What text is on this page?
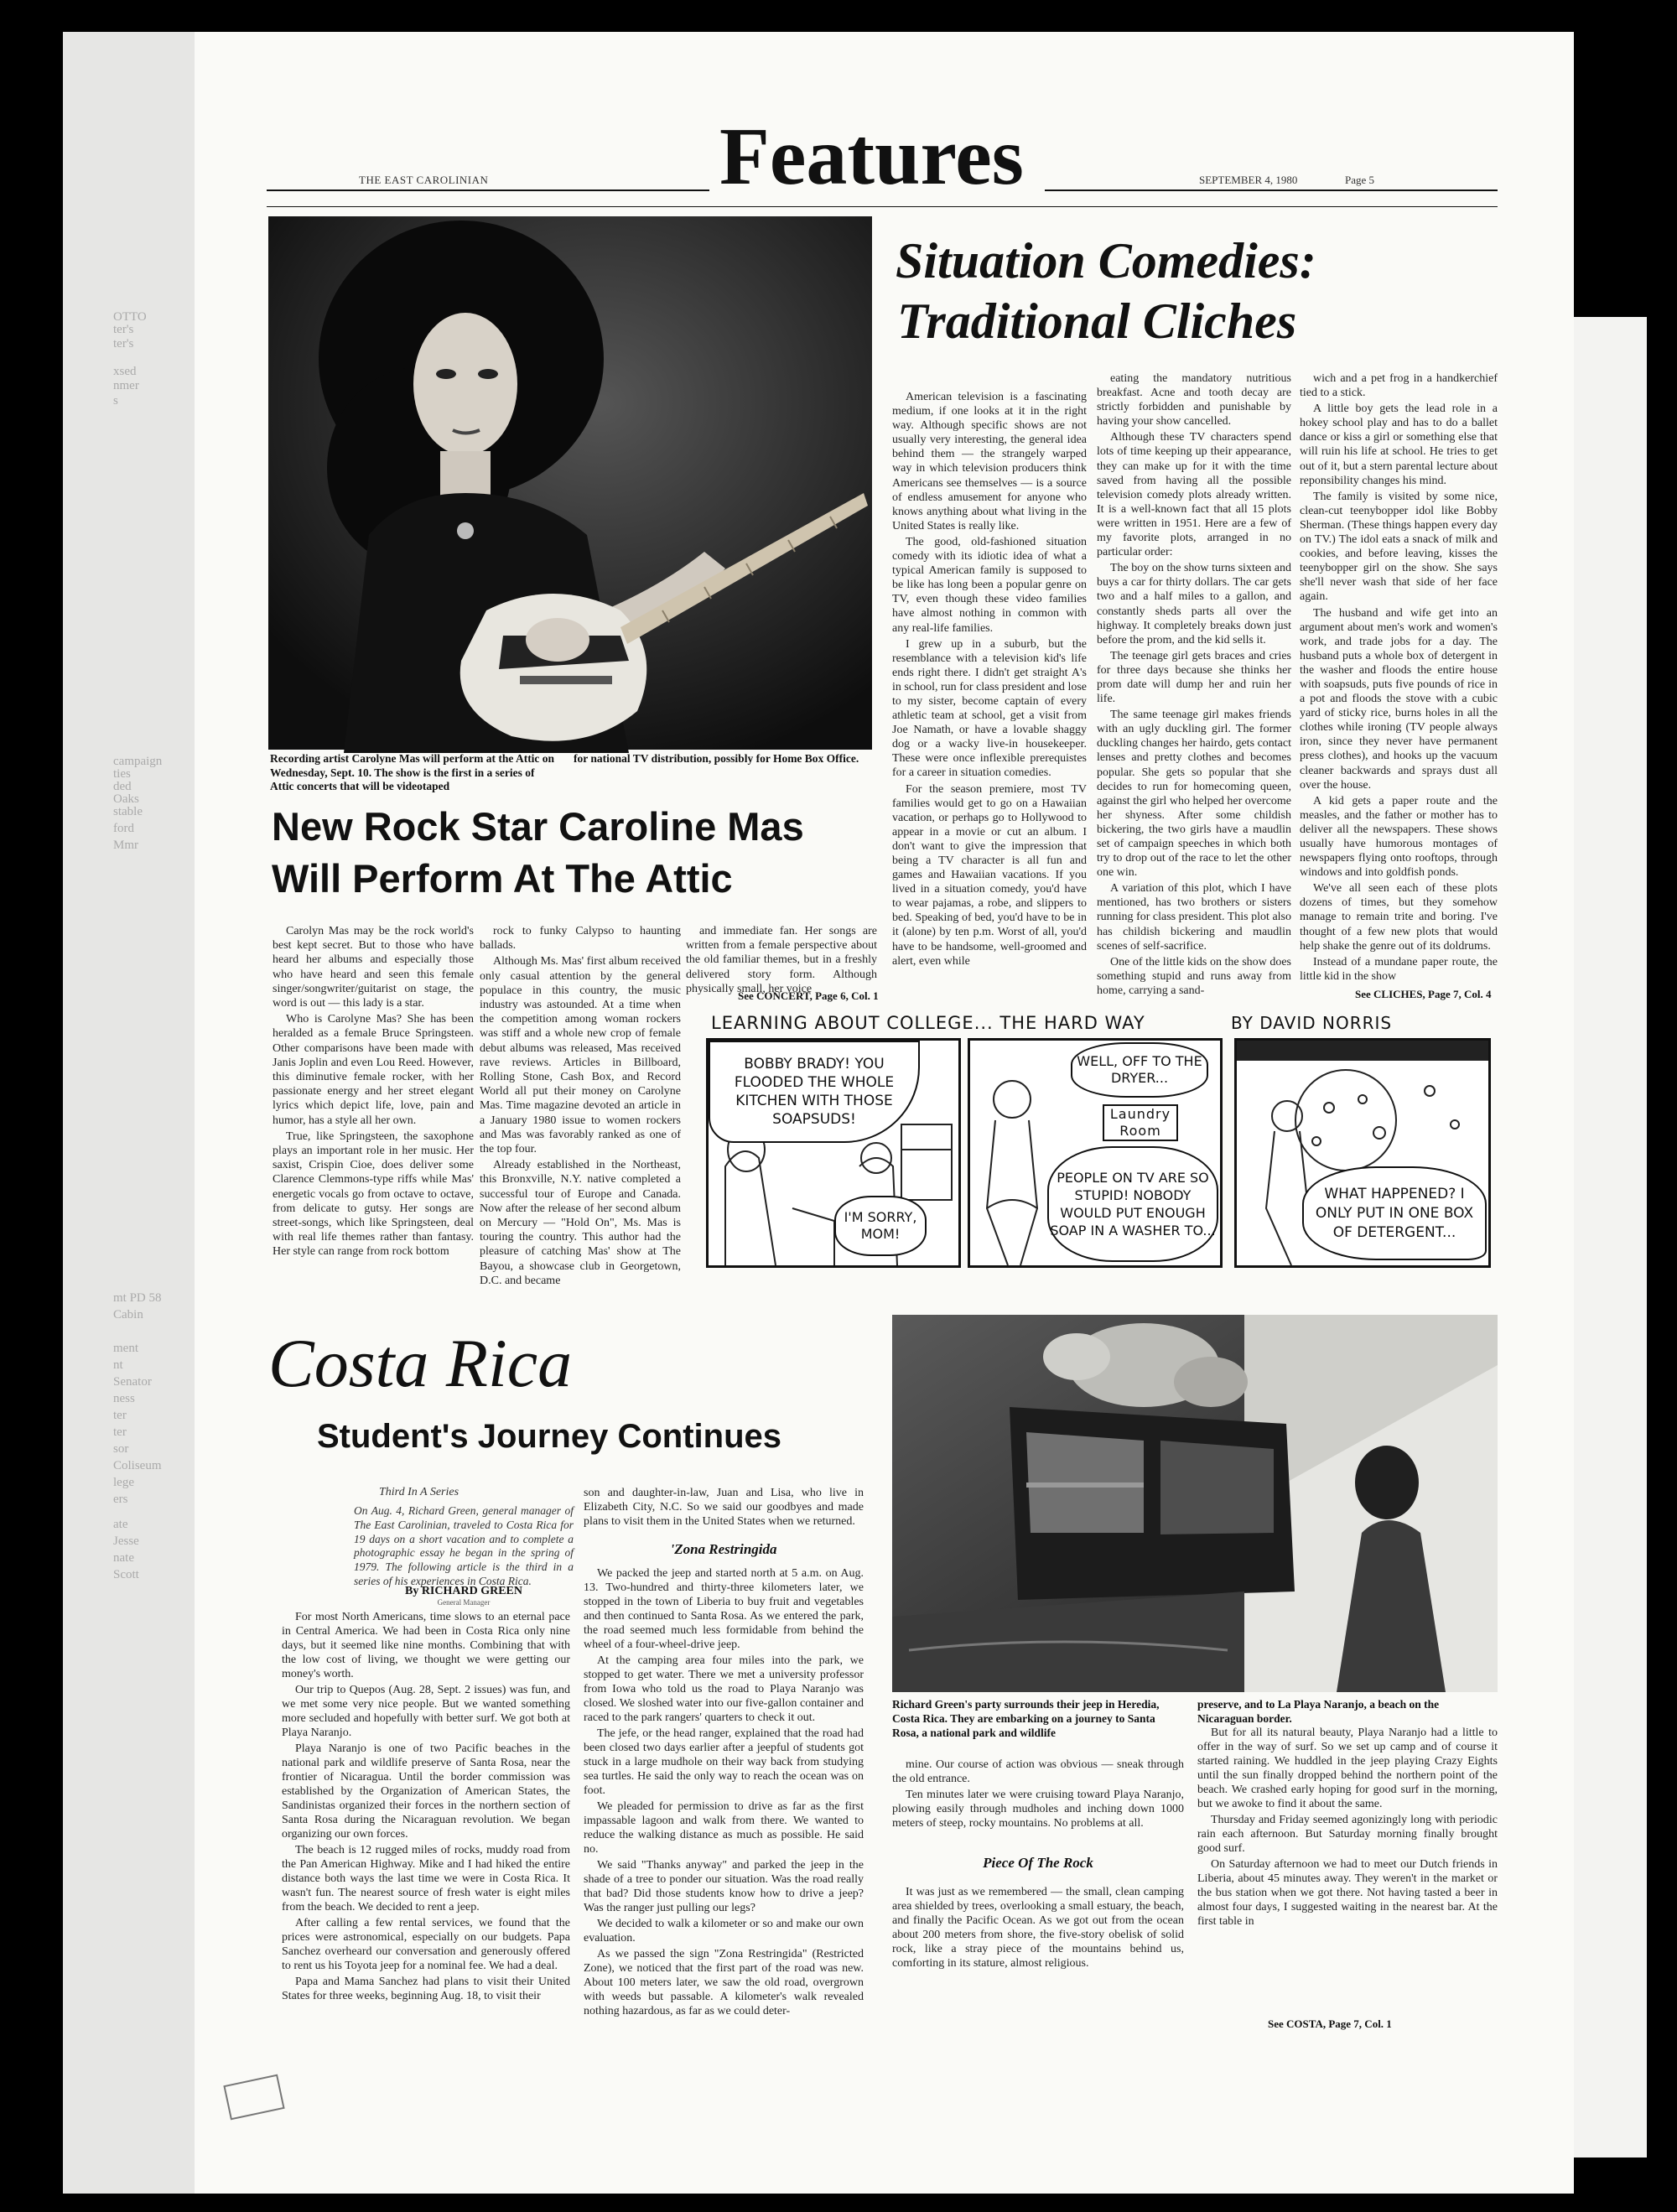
OTTO
ter's
ter's
xsed
nmer
s
campaign
ties
ded
Oaks
stable
ford
Mmr
mt PD 58
Cabin
ment
nt
Senator
ness
ter
ter
sor
Coliseum
lege
ers
ate
Jesse
nate
Scott
THE EAST CAROLINIAN	Features	SEPTEMBER 4, 1980	Page 5
Recording artist Carolyne Mas will perform at the Attic on Wednesday, Sept. 10. The show is the first in a series of Attic concerts that will be videotaped
for national TV distribution, possibly for Home Box Office.
New Rock Star Caroline Mas
Will Perform At The Attic

Carolyn Mas may be the rock world's best kept secret. But to those who have heard her albums and especially those who have heard and seen this female singer/songwriter/guitarist on stage, the word is out — this lady is a star.

Who is Carolyne Mas? She has been heralded as a female Bruce Springsteen. Other comparisons have been made with Janis Joplin and even Lou Reed. However, this diminutive female rocker, with her passionate energy and her street elegant lyrics which depict life, love, pain and humor, has a style all her own.

True, like Springsteen, the saxophone plays an important role in her music. Her saxist, Crispin Cioe, does deliver some Clarence Clemmons-type riffs while Mas' energetic vocals go from octave to octave, from delicate to gutsy. Her songs are street-songs, which like Springsteen, deal with real life themes rather than fantasy. Her style can range from rock bottom

rock to funky Calypso to haunting ballads.

Although Ms. Mas' first album received only casual attention by the general populace in this country, the music industry was astounded. At a time when the competition among woman rockers was stiff and a whole new crop of female debut albums was released, Mas received rave reviews. Articles in Billboard, Rolling Stone, Cash Box, and Record World all put their money on Carolyne Mas. Time magazine devoted an article in a January 1980 issue to women rockers and Mas was favorably ranked as one of the top four.

Already established in the Northeast, this Bronxville, N.Y. native completed a successful tour of Europe and Canada. Now after the release of her second album on Mercury — "Hold On", Ms. Mas is touring the country. This author had the pleasure of catching Mas' show at The Bayou, a showcase club in Georgetown, D.C. and became

and immediate fan. Her songs are written from a female perspective about the old familiar themes, but in a freshly delivered story form. Although physically small, her voice

See CONCERT, Page 6, Col. 1
Situation Comedies:
Traditional Cliches

American television is a fascinating medium, if one looks at it in the right way. Although specific shows are not usually very interesting, the general idea behind them — the strangely warped way in which television producers think Americans see themselves — is a source of endless amusement for anyone who knows anything about what living in the United States is really like.

The good, old-fashioned situation comedy with its idiotic idea of what a typical American family is supposed to be like has long been a popular genre on TV, even though these video families have almost nothing in common with any real-life families.

I grew up in a suburb, but the resemblance with a television kid's life ends right there. I didn't get straight A's in school, run for class president and lose to my sister, become captain of every athletic team at school, get a visit from Joe Namath, or have a lovable shaggy dog or a wacky live-in housekeeper. These were once inflexible prerequistes for a career in situation comedies.

For the season premiere, most TV families would get to go on a Hawaiian vacation, or perhaps go to Hollywood to appear in a movie or cut an album. I don't want to give the impression that being a TV character is all fun and games and Hawaiian vacations. If you lived in a situation comedy, you'd have to wear pajamas, a robe, and slippers to bed. Speaking of bed, you'd have to be in it (alone) by ten p.m. Worst of all, you'd have to be handsome, well-groomed and alert, even while

eating the mandatory nutritious breakfast. Acne and tooth decay are strictly forbidden and punishable by having your show cancelled.

Although these TV characters spend lots of time keeping up their appearance, they can make up for it with the time saved from having all the possible television comedy plots already written. It is a well-known fact that all 15 plots were written in 1951. Here are a few of my favorite plots, arranged in no particular order:

The boy on the show turns sixteen and buys a car for thirty dollars. The car gets two and a half miles to a gallon, and constantly sheds parts all over the highway. It completely breaks down just before the prom, and the kid sells it.

The teenage girl gets braces and cries for three days because she thinks her prom date will dump her and ruin her life.

The same teenage girl makes friends with an ugly duckling girl. The former duckling changes her hairdo, gets contact lenses and pretty clothes and becomes popular. She gets so popular that she decides to run for homecoming queen, against the girl who helped her overcome her shyness. After some childish bickering, the two girls have a maudlin set of campaign speeches in which both try to drop out of the race to let the other one win.

A variation of this plot, which I have mentioned, has two brothers or sisters running for class president. This plot also has childish bickering and maudlin scenes of self-sacrifice.

One of the little kids on the show does something stupid and runs away from home, carrying a sand-

wich and a pet frog in a handkerchief tied to a stick.

A little boy gets the lead role in a hokey school play and has to do a ballet dance or kiss a girl or something else that will ruin his life at school. He tries to get out of it, but a stern parental lecture about reponsibility changes his mind.

The family is visited by some nice, clean-cut teenybopper idol like Bobby Sherman. (These things happen every day on TV.) The idol eats a snack of milk and cookies, and before leaving, kisses the teenybopper girl on the show. She says she'll never wash that side of her face again.

The husband and wife get into an argument about men's work and women's work, and trade jobs for a day. The husband puts a whole box of detergent in the washer and floods the entire house with soapsuds, puts five pounds of rice in a pot and floods the stove with a cubic yard of sticky rice, burns holes in all the clothes while ironing (TV people always iron, since they never have permanent press clothes), and hooks up the vacuum cleaner backwards and sprays dust all over the house.

A kid gets a paper route and the measles, and the father or mother has to deliver all the newspapers. These shows usually have humorous montages of newspapers flying onto rooftops, through windows and into goldfish ponds.

We've all seen each of these plots dozens of times, but they somehow manage to remain trite and boring. I've thought of a few new plots that would help shake the genre out of its doldrums.

Instead of a mundane paper route, the little kid in the show

See CLICHES, Page 7, Col. 4
LEARNING ABOUT COLLEGE... THE HARD WAY	BY DAVID NORRIS
BOBBY BRADY! YOU FLOODED THE WHOLE KITCHEN WITH THOSE SOAPSUDS!
I'M SORRY, MOM!
WELL, OFF TO THE DRYER...
Laundry Room
PEOPLE ON TV ARE SO STUPID! NOBODY WOULD PUT ENOUGH SOAP IN A WASHER TO...
WHAT HAPPENED? I ONLY PUT IN ONE BOX OF DETERGENT...
Costa Rica
Student's Journey Continues
Third In A Series
On Aug. 4, Richard Green, general manager of The East Carolinian, traveled to Costa Rica for 19 days on a short vacation and to complete a photographic essay he began in the spring of 1979. The following article is the third in a series of his experiences in Costa Rica.
By RICHARD GREEN
General Manager

For most North Americans, time slows to an eternal pace in Central America. We had been in Costa Rica only nine days, but it seemed like nine months. Combining that with the low cost of living, we thought we were getting our money's worth.

Our trip to Quepos (Aug. 28, Sept. 2 issues) was fun, and we met some very nice people. But we wanted something more secluded and hopefully with better surf. We got both at Playa Naranjo.

Playa Naranjo is one of two Pacific beaches in the national park and wildlife preserve of Santa Rosa, near the frontier of Nicaragua. Until the border commission was established by the Organization of American States, the Sandinistas organized their forces in the northern section of Santa Rosa during the Nicaraguan revolution. We began organizing our own forces.

The beach is 12 rugged miles of rocks, muddy road from the Pan American Highway. Mike and I had hiked the entire distance both ways the last time we were in Costa Rica. It wasn't fun. The nearest source of fresh water is eight miles from the beach. We decided to rent a jeep.

After calling a few rental services, we found that the prices were astronomical, especially on our budgets. Papa Sanchez overheard our conversation and generously offered to rent us his Toyota jeep for a nominal fee. We had a deal.

Papa and Mama Sanchez had plans to visit their United States for three weeks, beginning Aug. 18, to visit their

son and daughter-in-law, Juan and Lisa, who live in Elizabeth City, N.C. So we said our goodbyes and made plans to visit them in the United States when we returned.
'Zona Restringida

We packed the jeep and started north at 5 a.m. on Aug. 13. Two-hundred and thirty-three kilometers later, we stopped in the town of Liberia to buy fruit and vegetables and then continued to Santa Rosa. As we entered the park, the road seemed much less formidable from behind the wheel of a four-wheel-drive jeep.

At the camping area four miles into the park, we stopped to get water. There we met a university professor from Iowa who told us the road to Playa Naranjo was closed. We sloshed water into our five-gallon container and raced to the park rangers' quarters to check it out.

The jefe, or the head ranger, explained that the road had been closed two days earlier after a jeepful of students got stuck in a large mudhole on their way back from studying sea turtles. He said the only way to reach the ocean was on foot.

We pleaded for permission to drive as far as the first impassable lagoon and walk from there. We wanted to reduce the walking distance as much as possible. He said no.

We said "Thanks anyway" and parked the jeep in the shade of a tree to ponder our situation. Was the road really that bad? Did those students know how to drive a jeep? Was the ranger just pulling our legs?

We decided to walk a kilometer or so and make our own evaluation.

As we passed the sign "Zona Restringida" (Restricted Zone), we noticed that the first part of the road was new. About 100 meters later, we saw the old road, overgrown with weeds but passable. A kilometer's walk revealed nothing hazardous, as far as we could deter-

Richard Green's party surrounds their jeep in Heredia, Costa Rica. They are embarking on a journey to Santa Rosa, a national park and wildlife
preserve, and to La Playa Naranjo, a beach on the Nicaraguan border.

mine. Our course of action was obvious — sneak through the old entrance.

Ten minutes later we were cruising toward Playa Naranjo, plowing easily through mudholes and inching down 1000 meters of steep, rocky mountains. No problems at all.

Piece Of The Rock

It was just as we remembered — the small, clean camping area shielded by trees, overlooking a small estuary, the beach, and finally the Pacific Ocean. As we got out from the ocean about 200 meters from shore, the five-story obelisk of solid rock, like a stray piece of the mountains behind us, comforting in its stature, almost religious.

But for all its natural beauty, Playa Naranjo had a little to offer in the way of surf. So we set up camp and of course it started raining. We huddled in the jeep playing Crazy Eights until the sun finally dropped behind the northern point of the beach. We crashed early hoping for good surf in the morning, but we awoke to find it about the same.

Thursday and Friday seemed agonizingly long with periodic rain each afternoon. But Saturday morning finally brought good surf.

On Saturday afternoon we had to meet our Dutch friends in Liberia, about 45 minutes away. They weren't in the market or the bus station when we got there. Not having tasted a beer in almost four days, I suggested waiting in the nearest bar. At the first table in

See COSTA, Page 7, Col. 1
